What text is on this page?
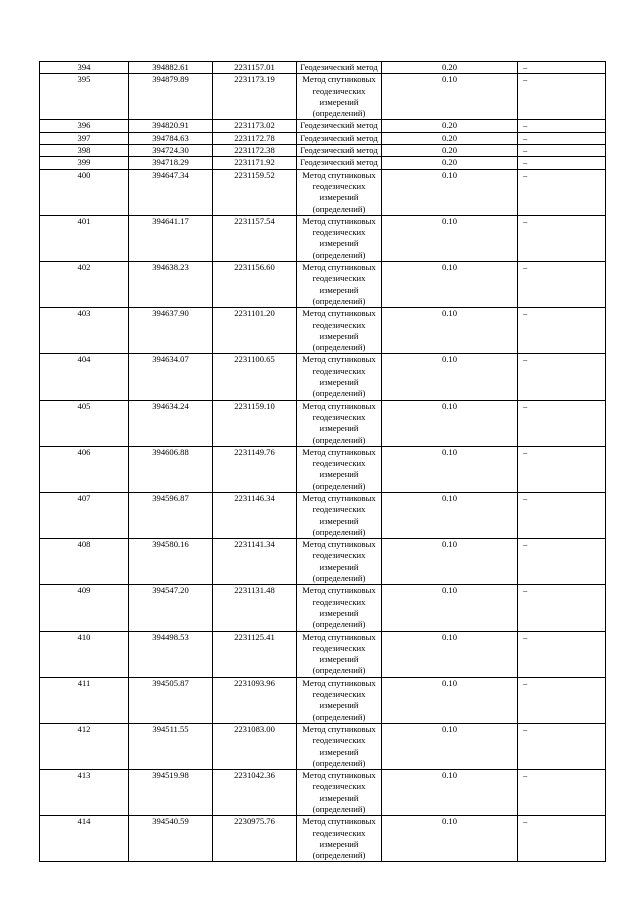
394	394882.61	2231157.01	Геодезический метод	0.20	–
395	394879.89	2231173.19	Метод спутниковых геодезических измерений (определений)	0.10	–
396	394820.91	2231173.02	Геодезический метод	0.20	–
397	394784.63	2231172.78	Геодезический метод	0.20	–
398	394724.30	2231172.38	Геодезический метод	0.20	–
399	394718.29	2231171.92	Геодезический метод	0.20	–
400	394647.34	2231159.52	Метод спутниковых геодезических измерений (определений)	0.10	–
401	394641.17	2231157.54	Метод спутниковых геодезических измерений (определений)	0.10	–
402	394638.23	2231156.60	Метод спутниковых геодезических измерений (определений)	0.10	–
403	394637.90	2231101.20	Метод спутниковых геодезических измерений (определений)	0.10	–
404	394634.07	2231100.65	Метод спутниковых геодезических измерений (определений)	0.10	–
405	394634.24	2231159.10	Метод спутниковых геодезических измерений (определений)	0.10	–
406	394606.88	2231149.76	Метод спутниковых геодезических измерений (определений)	0.10	–
407	394596.87	2231146.34	Метод спутниковых геодезических измерений (определений)	0.10	–
408	394580.16	2231141.34	Метод спутниковых геодезических измерений (определений)	0.10	–
409	394547.20	2231131.48	Метод спутниковых геодезических измерений (определений)	0.10	–
410	394498.53	2231125.41	Метод спутниковых геодезических измерений (определений)	0.10	–
411	394505.87	2231093.96	Метод спутниковых геодезических измерений (определений)	0.10	–
412	394511.55	2231083.00	Метод спутниковых геодезических измерений (определений)	0.10	–
413	394519.98	2231042.36	Метод спутниковых геодезических измерений (определений)	0.10	–
414	394540.59	2230975.76	Метод спутниковых геодезических измерений (определений)	0.10	–
